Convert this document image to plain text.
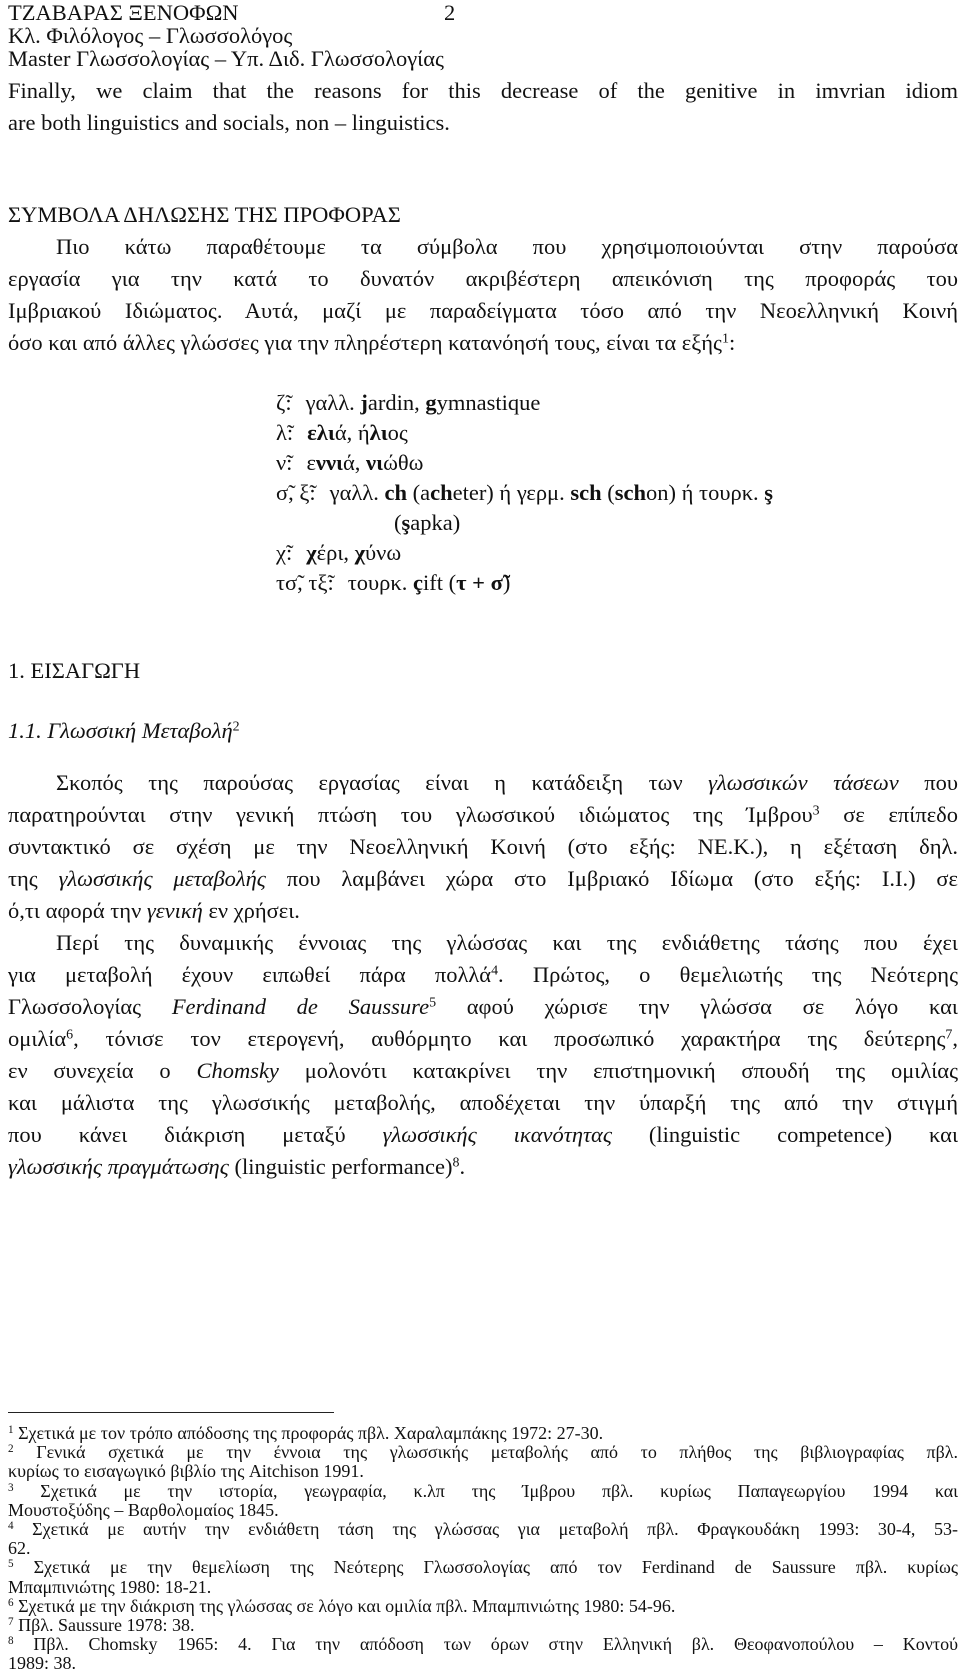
ΤΖΑΒΑΡΑΣ ΞΕΝΟΦΩΝ	2
Κλ. Φιλόλογος – Γλωσσολόγος
Master Γλωσσολογίας – Υπ. Διδ. Γλωσσολογίας
Finally, we claim that the reasons for this decrease of the genitive in imvrian idiom
are both linguistics and socials, non – linguistics.
ΣΥΜΒΟΛΑ ΔΗΛΩΣΗΣ ΤΗΣ ΠΡΟΦΟΡΑΣ
Πιο κάτω παραθέτουμε τα σύμβολα που χρησιμοποιούνται στην παρούσα
εργασία για την κατά το δυνατόν ακριβέστερη απεικόνιση της προφοράς του
Ιμβριακού Ιδιώματος. Αυτά, μαζί με παραδείγματα τόσο από την Νεοελληνική Κοινή
όσο και από άλλες γλώσσες για την πληρέστερη κατανόησή τους, είναι τα εξής$^1$:
ζ̃: γαλλ. jardin, gymnastique
λ̃: ελιά, ήλιος
ν̃: εννιά, νιώθω
σ̃, ξ̃: γαλλ. ch (acheter) ή γερμ. sch (schon) ή τουρκ. ş
(şapka)
χ̃: χέρι, χύνω
τσ̃, τξ̃: τουρκ. çift (τ + σ̃)
1. ΕΙΣΑΓΩΓΗ
1.1. Γλωσσική Μεταβολή$^2$
Σκοπός της παρούσας εργασίας είναι η κατάδειξη των γλωσσικών τάσεων που
παρατηρούνται στην γενική πτώση του γλωσσικού ιδιώματος της Ίμβρου$^3$ σε επίπεδο
συντακτικό σε σχέση με την Νεοελληνική Κοινή (στο εξής: ΝΕ.Κ.), η εξέταση δηλ.
της γλωσσικής μεταβολής που λαμβάνει χώρα στο Ιμβριακό Ιδίωμα (στο εξής: Ι.Ι.) σε
ό,τι αφορά την γενική εν χρήσει.
Περί της δυναμικής έννοιας της γλώσσας και της ενδιάθετης τάσης που έχει
για μεταβολή έχουν ειπωθεί πάρα πολλά$^4$. Πρώτος, ο θεμελιωτής της Νεότερης
Γλωσσολογίας Ferdinand de Saussure$^5$ αφού χώρισε την γλώσσα σε λόγο και
ομιλία$^6$, τόνισε τον ετερογενή, αυθόρμητο και προσωπικό χαρακτήρα της δεύτερης$^7$,
εν συνεχεία ο Chomsky μολονότι κατακρίνει την επιστημονική σπουδή της ομιλίας
και μάλιστα της γλωσσικής μεταβολής, αποδέχεται την ύπαρξή της από την στιγμή
που κάνει διάκριση μεταξύ γλωσσικής ικανότητας (linguistic competence) και
γλωσσικής πραγμάτωσης (linguistic performance)$^8$.
$^1$ Σχετικά με τον τρόπο απόδοσης της προφοράς πβλ. Χαραλαμπάκης 1972: 27-30.
$^2$ Γενικά σχετικά με την έννοια της γλωσσικής μεταβολής από το πλήθος της βιβλιογραφίας πβλ.
κυρίως το εισαγωγικό βιβλίο της Aitchison 1991.
$^3$ Σχετικά με την ιστορία, γεωγραφία, κ.λπ της Ίμβρου πβλ. κυρίως Παπαγεωργίου 1994 και
Μουστοξύδης – Βαρθολομαίος 1845.
$^4$ Σχετικά με αυτήν την ενδιάθετη τάση της γλώσσας για μεταβολή πβλ. Φραγκουδάκη 1993: 30-4, 53-
62.
$^5$ Σχετικά με την θεμελίωση της Νεότερης Γλωσσολογίας από τον Ferdinand de Saussure πβλ. κυρίως
Μπαμπινιώτης 1980: 18-21.
$^6$ Σχετικά με την διάκριση της γλώσσας σε λόγο και ομιλία πβλ. Μπαμπινιώτης 1980: 54-96.
$^7$ Πβλ. Saussure 1978: 38.
$^8$ Πβλ. Chomsky 1965: 4. Για την απόδοση των όρων στην Ελληνική βλ. Θεοφανοπούλου – Κοντού
1989: 38.
